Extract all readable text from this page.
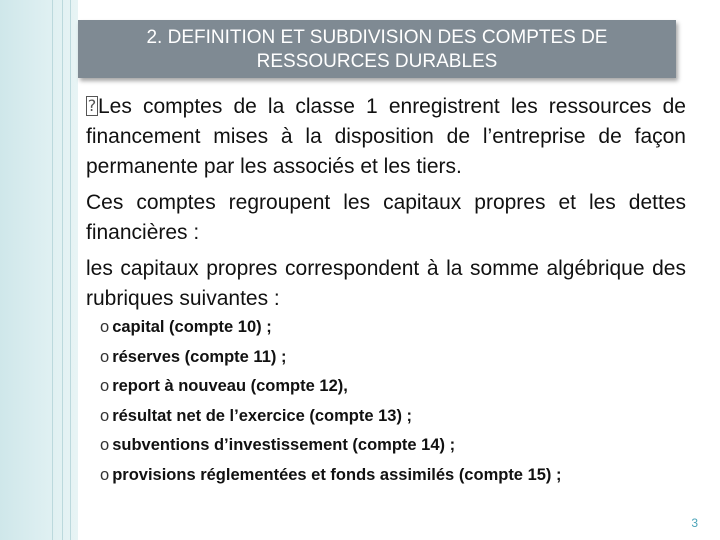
2. DEFINITION ET SUBDIVISION DES COMPTES DE
RESSOURCES DURABLES

?Les comptes de la classe 1 enregistrent les ressources de financement mises à la disposition de l’entreprise de façon permanente par les associés et les tiers.

Ces comptes regroupent les capitaux propres et les dettes financières :

les capitaux propres correspondent à la somme algébrique des rubriques suivantes :

o capital (compte 10) ;
o réserves (compte 11) ;
o report à nouveau (compte 12),
o résultat net de l’exercice (compte 13) ;
o subventions d’investissement (compte 14) ;
o provisions réglementées et fonds assimilés (compte 15) ;
3
